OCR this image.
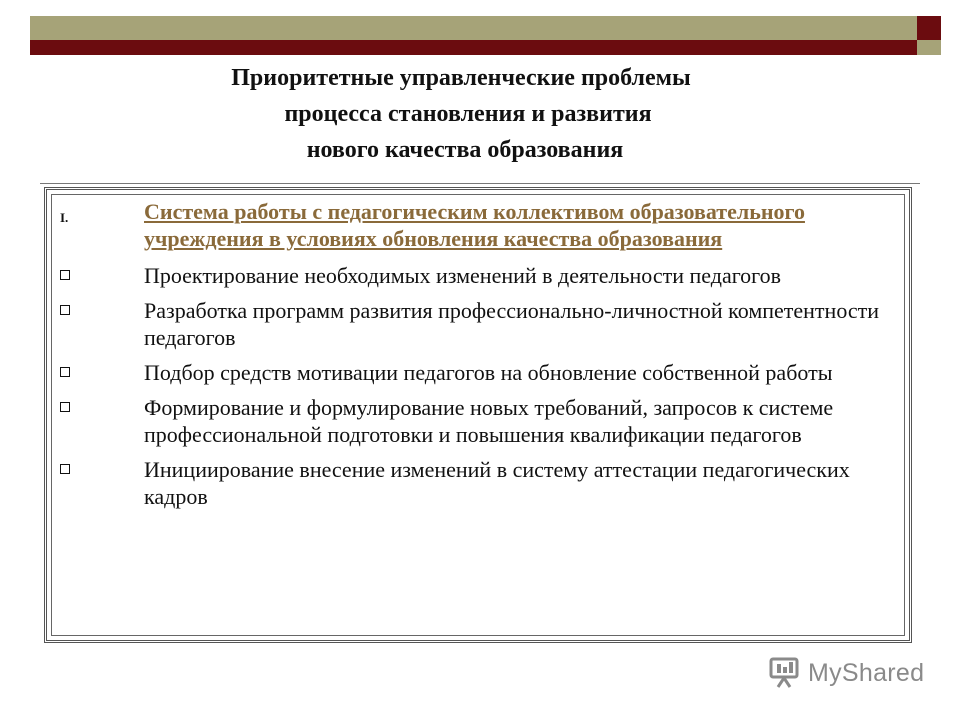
Приоритетные управленческие проблемы
процесса становления и развития
нового качества образования
I.	Система работы с педагогическим коллективом образовательного учреждения в условиях обновления качества образования
Проектирование необходимых изменений в деятельности педагогов
Разработка программ развития профессионально-личностной компетентности педагогов
Подбор средств мотивации педагогов на обновление собственной работы
Формирование и формулирование новых требований, запросов к системе профессиональной подготовки и повышения квалификации педагогов
Инициирование внесение изменений в систему аттестации педагогических кадров
MyShared
